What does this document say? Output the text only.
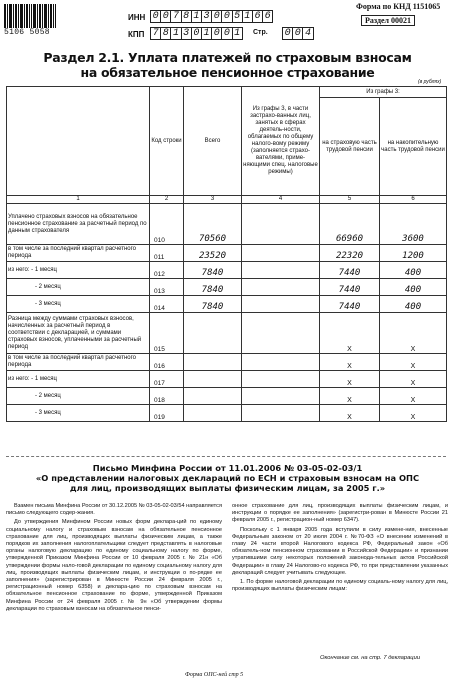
5106 5058
ИНН 0 0 7 8 1 3 0 0 5 1 6 6
КПП 7 8 1 3 0 1 0 0 1	Стр. 0 0 4
Форма по КНД 1151065
Раздел 00021
Раздел 2.1. Уплата платежей по страховым взносам
на обязательное пенсионное страхование
(в рублях)
	Код строки	Всего	Из графы 3, в части застрахо-ванных лиц, занятых в сферах деятель-ности, облагаемых по общему налого-вому режиму (заполняется страхо-вателями, приме-няющими спец. налоговые режимы)	Из графы 3:	
				на страховую часть трудовой пенсии	на накопительную часть трудовой пенсии
1	2	3	4	5	6
Уплачено страховых взносов на обязательное пенсионное страхование за расчетный период по данным страхователя	010	70560		66960	3600
в том числе за последний квартал расчетного периода	011	23520		22320	1200
из него: - 1 месяц	012	7840		7440	400
- 2 месяц	013	7840		7440	400
- 3 месяц	014	7840		7440	400
Разница между суммами страховых взносов, начисленных за расчетный период в соответствии с декларацией, и суммами страховых взносов, уплаченными за расчетный период	015			X	X
в том числе за последний квартал расчетного периода	016			X	X
из него: - 1 месяц	017			X	X
- 2 месяц	018			X	X
- 3 месяц	019			X	X
Письмо Минфина России от 11.01.2006 № 03-05-02-03/1
«О представлении налоговых деклараций по ЕСН и страховым взносам на ОПС
для лиц, производящих выплаты физическим лицам, за 2005 г.»

Взамен письма Минфина России от 30.12.2005 № 03-05-02-03/54 направляется письмо следующего содер-жания.

До утверждения Минфином России новых форм деклара-ций по единому социальному налогу и страховым взносам на обязательное пенсионное страхование для лиц, производящих выплаты физическим лицам, а также порядков их заполнения налогоплательщики следует представлять в налоговые органы налоговую декларацию по единому социальному налогу по форме, утвержденной Приказом Минфина России от 10 февраля 2005 г. № 21н «Об утверждении формы нало-говой декларации по единому социальному налогу для лиц, производящих выплаты физическим лицам, и инструкции о по-рядке ее заполнения» (зарегистрирован в Минюсте России 24 февраля 2005 г., регистрационный номер 6358) и деклара-цию по страховым взносам на обязательное пенсионное страхование по форме, утвержденной Приказом Минфина России от 24 февраля 2005 г. № 9н «Об утверждении формы декларации по страховым взносам на обязательное пенси-

онное страхование для лиц, производящих выплаты физическим лицам, и инструкции о порядке ее заполнения» (зарегистри-рован в Минюсте России 21 февраля 2005 г., регистрацион-ный номер 6347).

Поскольку с 1 января 2005 года вступили в силу измене-ния, внесенные Федеральным законом от 20 июля 2004 г. №70-ФЗ «О внесении изменений в главу 24 части второй Налогового кодекса РФ, Федеральный закон «Об обязатель-ном пенсионном страховании в Российской Федерации» и признании утратившими силу некоторых положений законода-тельных актов Российской Федерации» в главу 24 Налогово-го кодекса РФ, то при представлении указанных деклараций следует учитывать следующее.

1. По форме налоговой декларации по единому социаль-ному налогу для лиц, производящих выплаты физическим лицам:

Окончание см. на стр. 7 декларации
Форма ОПС-ней стр 5
